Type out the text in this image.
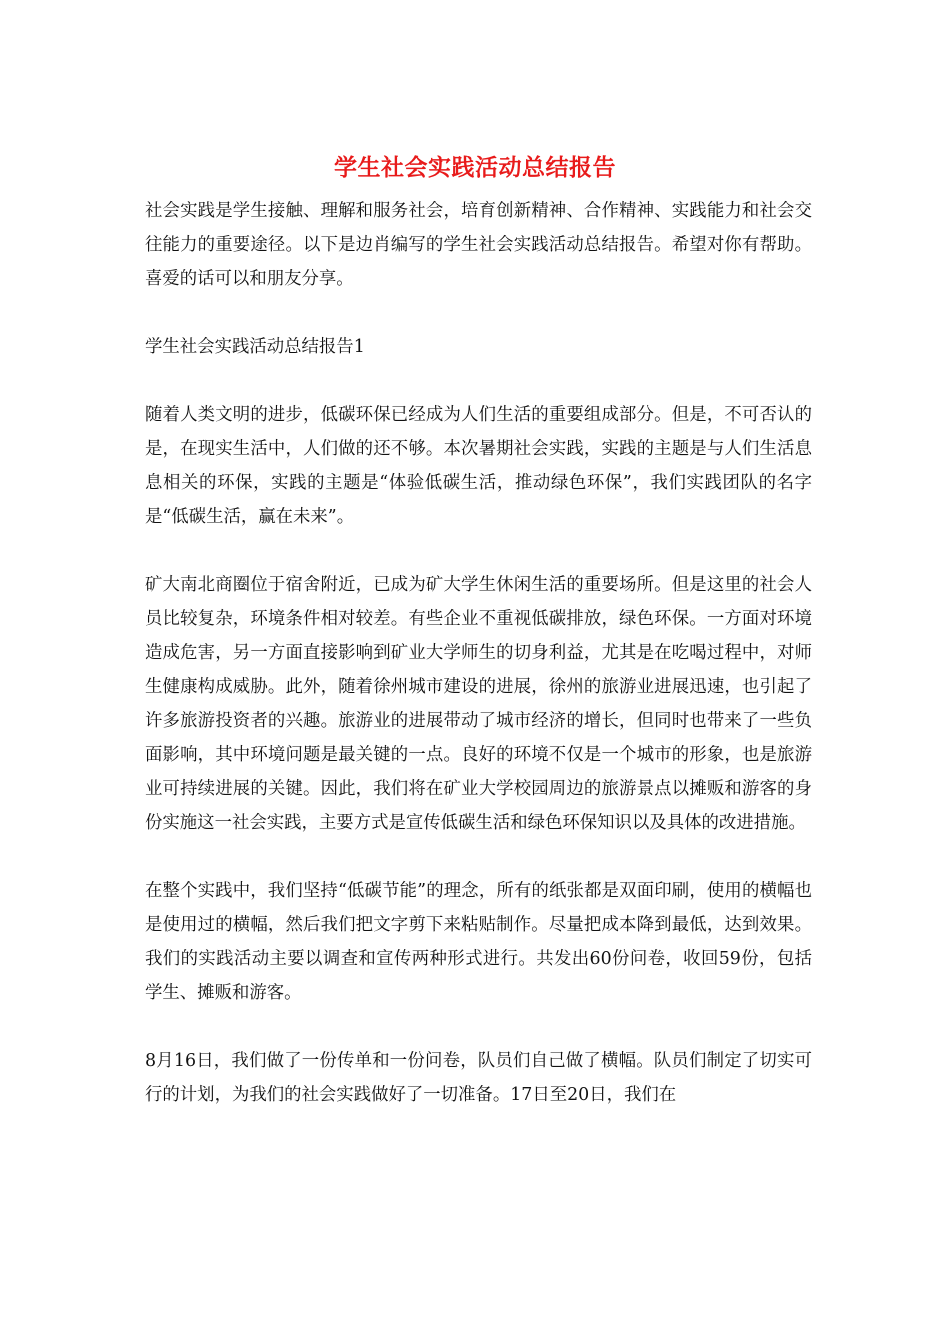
学生社会实践活动总结报告

社会实践是学生接触、理解和服务社会，培育创新精神、合作精神、实践能力和社会交往能力的重要途径。以下是边肖编写的学生社会实践活动总结报告。希望对你有帮助。喜爱的话可以和朋友分享。

学生社会实践活动总结报告1

随着人类文明的进步，低碳环保已经成为人们生活的重要组成部分。但是，不可否认的是，在现实生活中，人们做的还不够。本次暑期社会实践，实践的主题是与人们生活息息相关的环保，实践的主题是“体验低碳生活，推动绿色环保”，我们实践团队的名字是“低碳生活，赢在未来”。

矿大南北商圈位于宿舍附近，已成为矿大学生休闲生活的重要场所。但是这里的社会人员比较复杂，环境条件相对较差。有些企业不重视低碳排放，绿色环保。一方面对环境造成危害，另一方面直接影响到矿业大学师生的切身利益，尤其是在吃喝过程中，对师生健康构成威胁。此外，随着徐州城市建设的进展，徐州的旅游业进展迅速，也引起了许多旅游投资者的兴趣。旅游业的进展带动了城市经济的增长，但同时也带来了一些负面影响，其中环境问题是最关键的一点。良好的环境不仅是一个城市的形象，也是旅游业可持续进展的关键。因此，我们将在矿业大学校园周边的旅游景点以摊贩和游客的身份实施这一社会实践，主要方式是宣传低碳生活和绿色环保知识以及具体的改进措施。

在整个实践中，我们坚持“低碳节能”的理念，所有的纸张都是双面印刷，使用的横幅也是使用过的横幅，然后我们把文字剪下来粘贴制作。尽量把成本降到最低，达到效果。我们的实践活动主要以调查和宣传两种形式进行。共发出60份问卷，收回59份，包括学生、摊贩和游客。

8月16日，我们做了一份传单和一份问卷，队员们自己做了横幅。队员们制定了切实可行的计划，为我们的社会实践做好了一切准备。17日至20日，我们在
